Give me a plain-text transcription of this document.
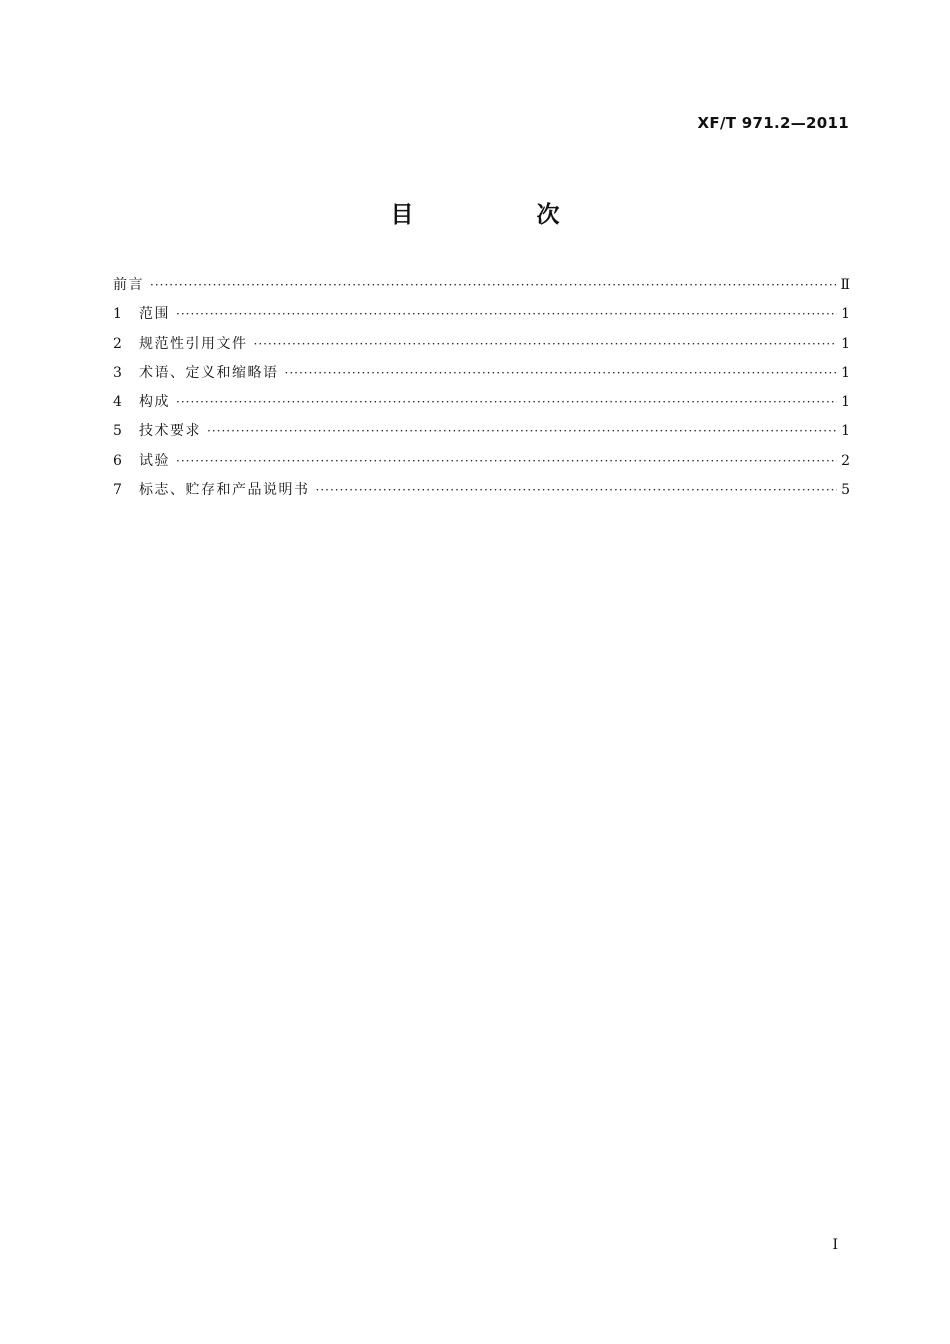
XF/T 971.2—2011
目　次
前言 ·····	Ⅱ
1	范围 ·····	1
2	规范性引用文件 ·····	1
3	术语、定义和缩略语 ·····	1
4	构成 ·····	1
5	技术要求 ·····	1
6	试验 ·····	2
7	标志、贮存和产品说明书 ·····	5
Ⅰ
